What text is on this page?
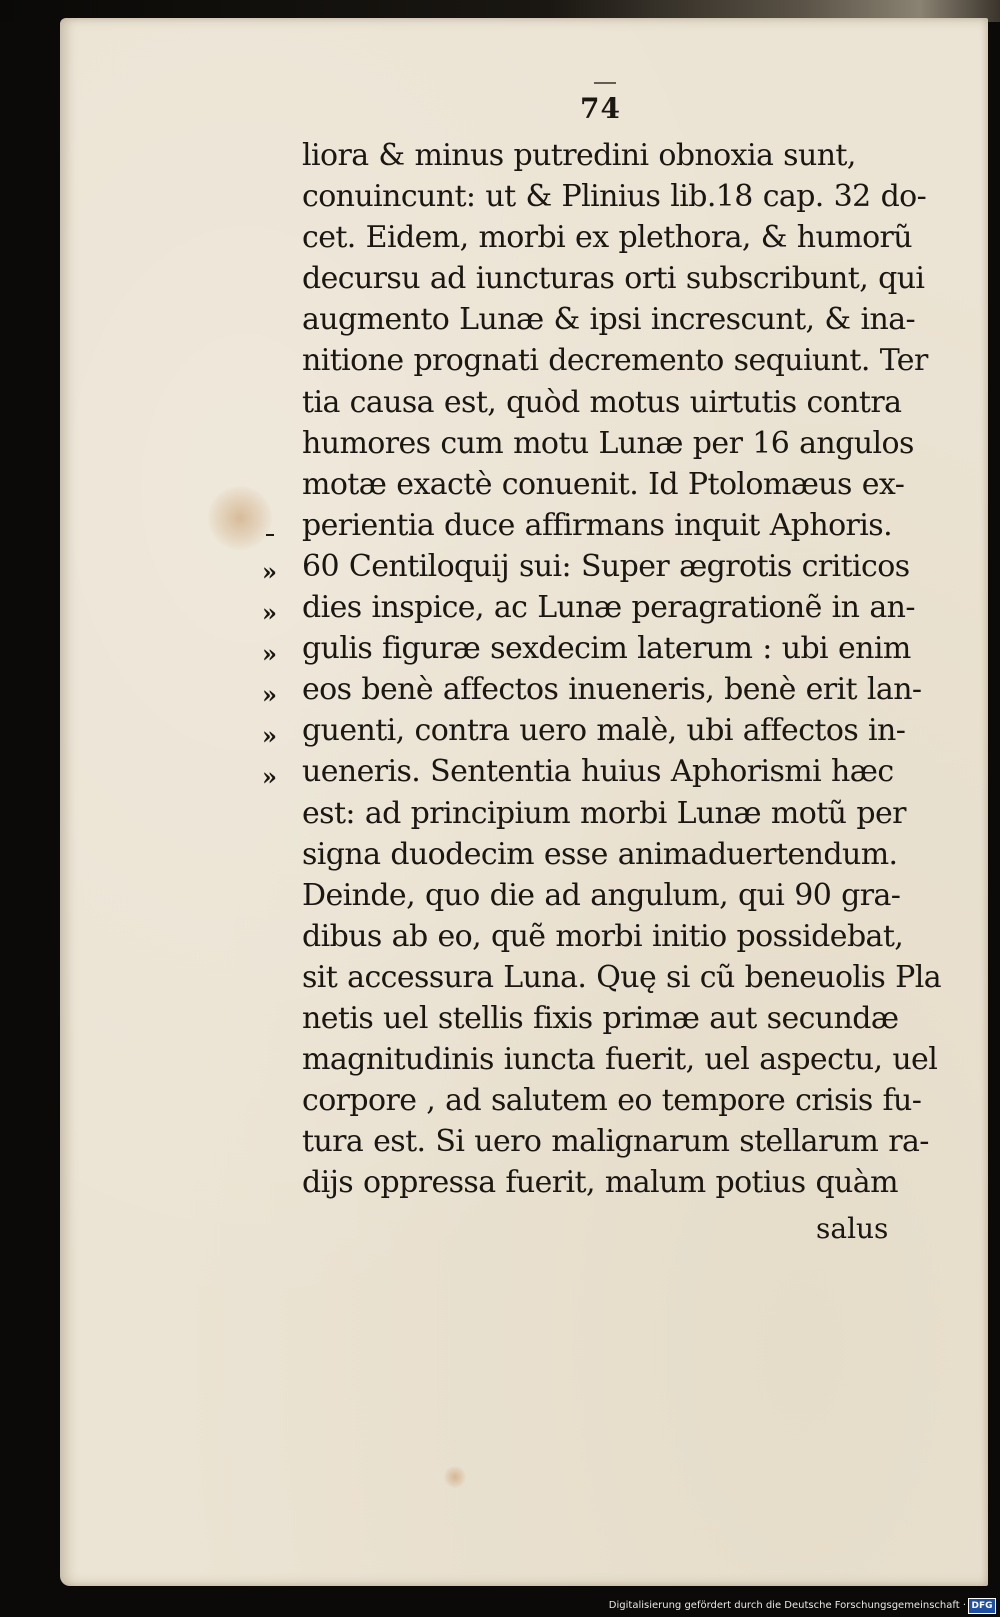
74
»
»
»
»
»
»
liora & minus putredini obnoxia sunt,
conuincunt: ut & Plinius lib.18 cap. 32 do-
cet. Eidem, morbi ex plethora, & humorũ
decursu ad iuncturas orti subscribunt, qui
augmento Lunæ & ipsi increscunt, & ina-
nitione prognati decremento sequiunt. Ter
tia causa est, quòd motus uirtutis contra
humores cum motu Lunæ per 16 angulos
motæ exactè conuenit. Id Ptolomæus ex-
perientia duce affirmans inquit Aphoris.
60 Centiloquij sui: Super ægrotis criticos
dies inspice, ac Lunæ peragrationẽ in an-
gulis figuræ sexdecim laterum : ubi enim
eos benè affectos inueneris, benè erit lan-
guenti, contra uero malè, ubi affectos in-
ueneris. Sententia huius Aphorismi hæc
est: ad principium morbi Lunæ motũ per
signa duodecim esse animaduertendum.
Deinde, quo die ad angulum, qui 90 gra-
dibus ab eo, quẽ morbi initio possidebat,
sit accessura Luna. Quę si cũ beneuolis Pla
netis uel stellis fixis primæ aut secundæ
magnitudinis iuncta fuerit, uel aspectu, uel
corpore , ad salutem eo tempore crisis fu-
tura est. Si uero malignarum stellarum ra-
dijs oppressa fuerit, malum potius quàm
salus
Digitalisierung gefördert durch die Deutsche Forschungsgemeinschaft · DFG
